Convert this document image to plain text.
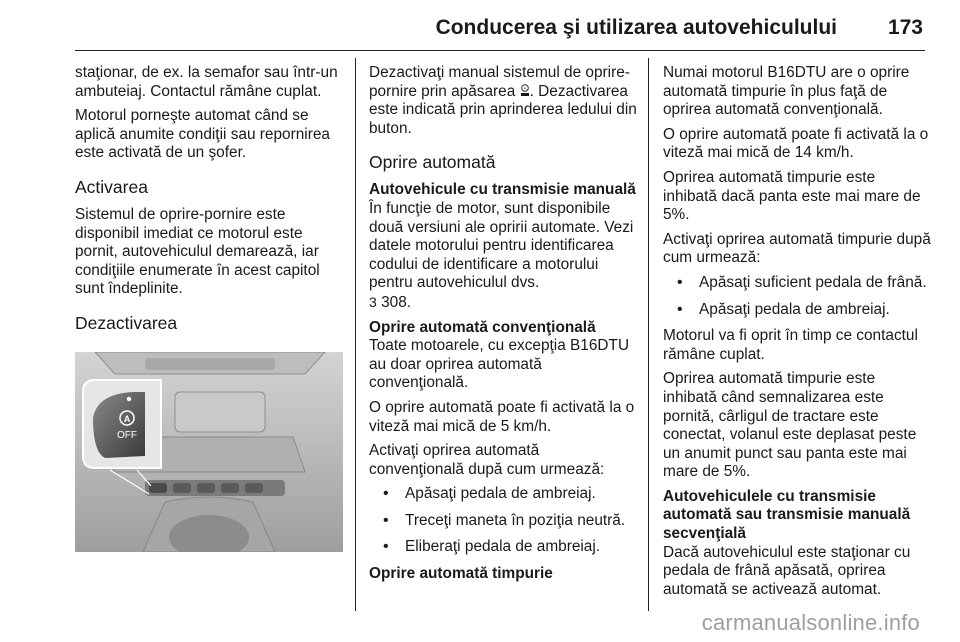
Conducerea şi utilizarea autovehiculului 173

staţionar, de ex. la semafor sau într-un ambuteiaj. Contactul rămâne cuplat.

Motorul porneşte automat când se aplică anumite condiţii sau repornirea este activată de un şofer.

Activarea

Sistemul de oprire-pornire este disponibil imediat ce motorul este pornit, autovehiculul demarează, iar condiţiile enumerate în acest capitol sunt îndeplinite.

Dezactivarea
A
OFF

Dezactivaţi manual sistemul de oprire-pornire prin apăsarea A . Dezactivarea este indicată prin aprinderea ledului din buton.

Oprire automată

Autovehicule cu transmisie manuală

În funcţie de motor, sunt disponibile două versiuni ale opririi automate. Vezi datele motorului pentru identificarea codului de identificare a motorului pentru autovehiculul dvs.
3 308.

Oprire automată convenţională

Toate motoarele, cu excepţia B16DTU au doar oprirea automată convenţională.

O oprire automată poate fi activată la o viteză mai mică de 5 km/h.

Activaţi oprirea automată convenţională după cum urmează:

• Apăsaţi pedala de ambreiaj.
• Treceţi maneta în poziţia neutră.
• Eliberaţi pedala de ambreiaj.

Oprire automată timpurie

Numai motorul B16DTU are o oprire automată timpurie în plus faţă de oprirea automată convenţională.

O oprire automată poate fi activată la o viteză mai mică de 14 km/h.

Oprirea automată timpurie este inhibată dacă panta este mai mare de 5%.

Activaţi oprirea automată timpurie după cum urmează:

• Apăsaţi suficient pedala de frână.
• Apăsaţi pedala de ambreiaj.

Motorul va fi oprit în timp ce contactul rămâne cuplat.

Oprirea automată timpurie este inhibată când semnalizarea este pornită, cârligul de tractare este conectat, volanul este deplasat peste un anumit punct sau panta este mai mare de 5%.

Autovehiculele cu transmisie automată sau transmisie manuală secvenţială

Dacă autovehiculul este staţionar cu pedala de frână apăsată, oprirea automată se activează automat.

carmanualsonline.info
